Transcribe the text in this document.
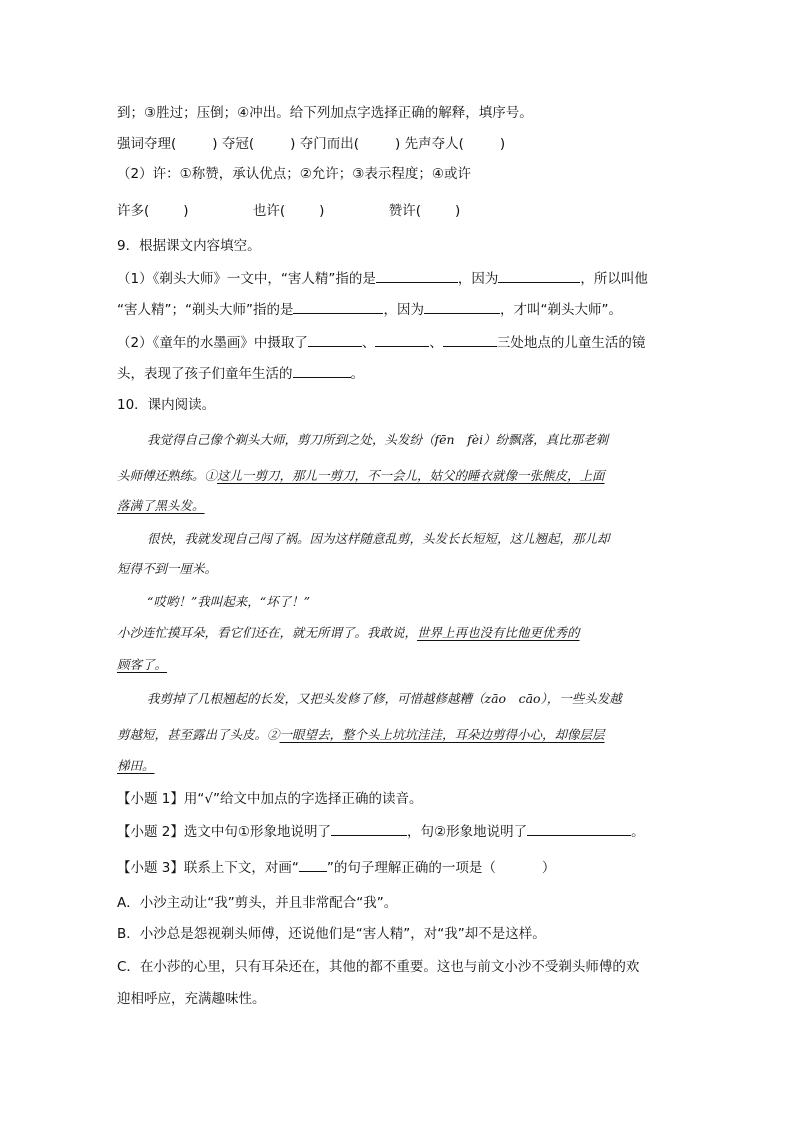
到；③胜过；压倒；④冲出。给下列加点字选择正确的解释，填序号。
强词夺理(	) 夺冠(	) 夺门而出(	) 先声夺人(	)
（2）许：①称赞，承认优点；②允许；③表示程度；④或许
许多(	)	也许(	)	赞许(	)
9．根据课文内容填空。
（1）《剃头大师》一文中，“害人精”指的是	，因为	，所以叫他
“害人精”；“剃头大师”指的是	，因为	，才叫“剃头大师”。
（2）《童年的水墨画》中摄取了	、	、	三处地点的儿童生活的镜
头，表现了孩子们童年生活的	。
10．课内阅读。
我觉得自己像个剃头大师，剪刀所到之处，头发纷（fēn　fèi）纷飘落，真比那老剃
头师傅还熟练。①这儿一剪刀，那儿一剪刀，不一会儿，姑父的睡衣就像一张熊皮，上面
落满了黑头发。
很快，我就发现自己闯了祸。因为这样随意乱剪，头发长长短短，这儿翘起，那儿却
短得不到一厘米。
“哎哟！”我叫起来，“坏了！”
小沙连忙摸耳朵，看它们还在，就无所谓了。我敢说，世界上再也没有比他更优秀的
顾客了。
我剪掉了几根翘起的长发，又把头发修了修，可惜越修越糟（zāo　cāo），一些头发越
剪越短，甚至露出了头皮。②一眼望去，整个头上坑坑洼洼，耳朵边剪得小心，却像层层
梯田。
【小题 1】用“√”给文中加点的字选择正确的读音。
【小题 2】选文中句①形象地说明了	，句②形象地说明了	。
【小题 3】联系上下文，对画“ ”的句子理解正确的一项是（	）
A．小沙主动让“我”剪头，并且非常配合“我”。
B．小沙总是怨视剃头师傅，还说他们是“害人精”，对“我”却不是这样。
C．在小莎的心里，只有耳朵还在，其他的都不重要。这也与前文小沙不受剃头师傅的欢
迎相呼应，充满趣味性。
